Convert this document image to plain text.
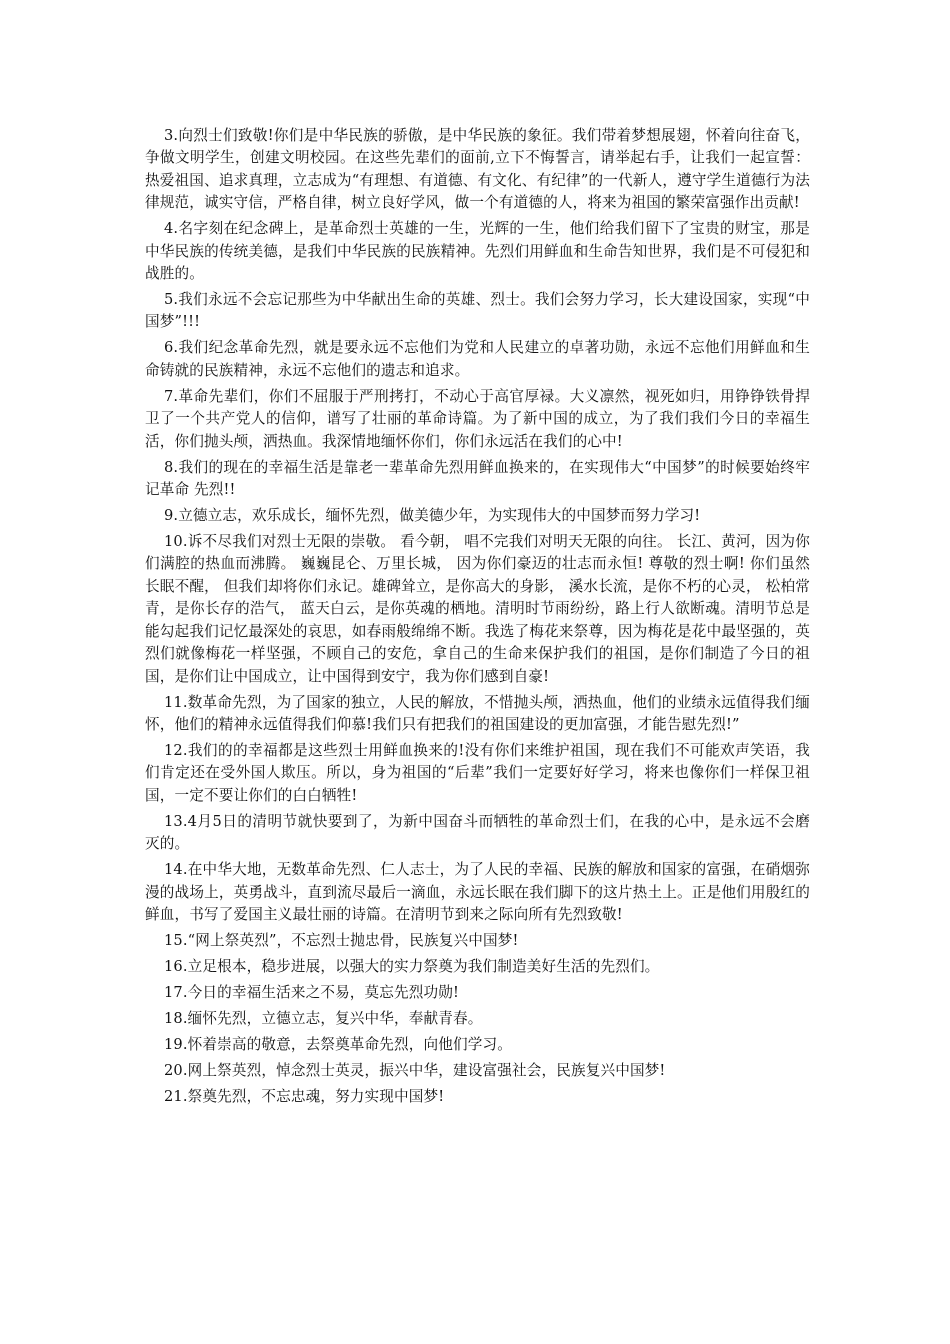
3.向烈士们致敬!你们是中华民族的骄傲，是中华民族的象征。我们带着梦想展翅，怀着向往奋飞，争做文明学生，创建文明校园。在这些先辈们的面前,立下不悔誓言，请举起右手，让我们一起宣誓：热爱祖国、追求真理，立志成为“有理想、有道德、有文化、有纪律”的一代新人，遵守学生道德行为法律规范，诚实守信，严格自律，树立良好学风，做一个有道德的人，将来为祖国的繁荣富强作出贡献!

4.名字刻在纪念碑上，是革命烈士英雄的一生，光辉的一生，他们给我们留下了宝贵的财宝，那是中华民族的传统美德，是我们中华民族的民族精神。先烈们用鲜血和生命告知世界，我们是不可侵犯和战胜的。

5.我们永远不会忘记那些为中华献出生命的英雄、烈士。我们会努力学习，长大建设国家，实现“中国梦”!!!

6.我们纪念革命先烈，就是要永远不忘他们为党和人民建立的卓著功勋，永远不忘他们用鲜血和生命铸就的民族精神，永远不忘他们的遗志和追求。

7.革命先辈们，你们不屈服于严刑拷打，不动心于高官厚禄。大义凛然，视死如归，用铮铮铁骨捍卫了一个共产党人的信仰，谱写了壮丽的革命诗篇。为了新中国的成立，为了我们我们今日的幸福生活，你们抛头颅，洒热血。我深情地缅怀你们，你们永远活在我们的心中!

8.我们的现在的幸福生活是靠老一辈革命先烈用鲜血换来的，在实现伟大“中国梦”的时候要始终牢记革命 先烈!!

9.立德立志，欢乐成长，缅怀先烈，做美德少年，为实现伟大的中国梦而努力学习!

10.诉不尽我们对烈士无限的崇敬。 看今朝， 唱不完我们对明天无限的向往。 长江、黄河，因为你们满腔的热血而沸腾。 巍巍昆仑、万里长城， 因为你们豪迈的壮志而永恒! 尊敬的烈士啊! 你们虽然长眠不醒， 但我们却将你们永记。雄碑耸立，是你高大的身影， 溪水长流，是你不朽的心灵， 松柏常青，是你长存的浩气， 蓝天白云，是你英魂的栖地。清明时节雨纷纷，路上行人欲断魂。清明节总是能勾起我们记忆最深处的哀思，如春雨般绵绵不断。我选了梅花来祭尊，因为梅花是花中最坚强的，英烈们就像梅花一样坚强，不顾自己的安危，拿自己的生命来保护我们的祖国，是你们制造了今日的祖国，是你们让中国成立，让中国得到安宁，我为你们感到自豪!

11.数革命先烈，为了国家的独立，人民的解放，不惜抛头颅，洒热血，他们的业绩永远值得我们缅怀，他们的精神永远值得我们仰慕!我们只有把我们的祖国建设的更加富强，才能告慰先烈!”

12.我们的的幸福都是这些烈士用鲜血换来的!没有你们来维护祖国，现在我们不可能欢声笑语，我们肯定还在受外国人欺压。所以，身为祖国的“后辈”我们一定要好好学习，将来也像你们一样保卫祖国，一定不要让你们的白白牺牲!

13.4月5日的清明节就快要到了，为新中国奋斗而牺牲的革命烈士们，在我的心中，是永远不会磨灭的。

14.在中华大地，无数革命先烈、仁人志士，为了人民的幸福、民族的解放和国家的富强，在硝烟弥漫的战场上，英勇战斗，直到流尽最后一滴血，永远长眠在我们脚下的这片热土上。正是他们用殷红的鲜血，书写了爱国主义最壮丽的诗篇。在清明节到来之际向所有先烈致敬!

15.“网上祭英烈”，不忘烈士抛忠骨，民族复兴中国梦!

16.立足根本，稳步进展，以强大的实力祭奠为我们制造美好生活的先烈们。

17.今日的幸福生活来之不易，莫忘先烈功勋!

18.缅怀先烈，立德立志，复兴中华，奉献青春。

19.怀着崇高的敬意，去祭奠革命先烈，向他们学习。

20.网上祭英烈，悼念烈士英灵，振兴中华，建设富强社会，民族复兴中国梦!

21.祭奠先烈，不忘忠魂，努力实现中国梦!
